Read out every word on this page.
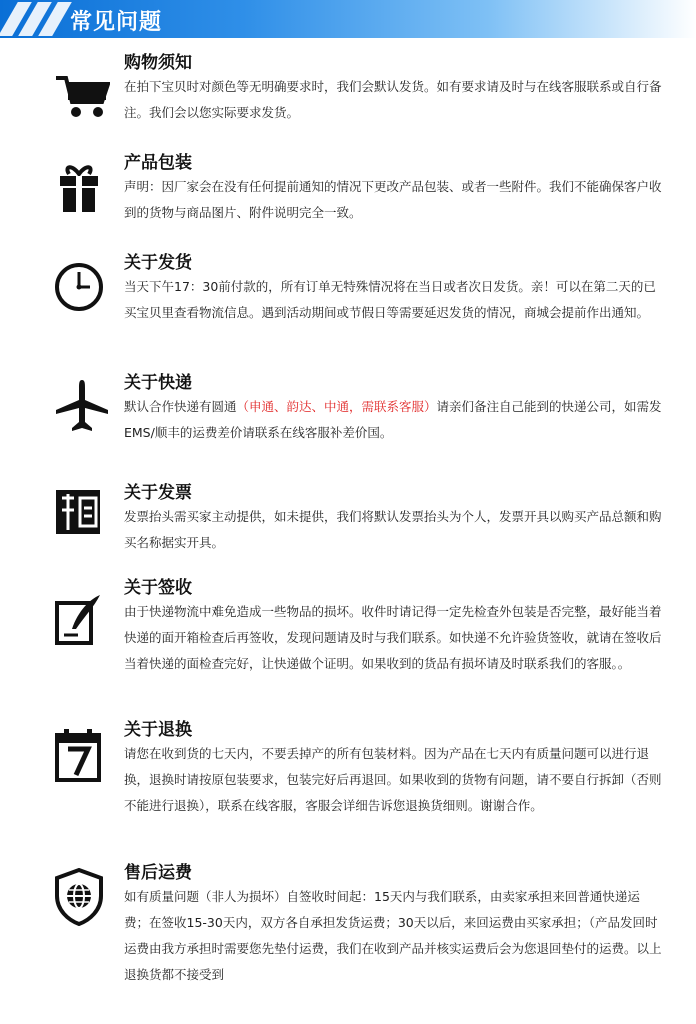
常见问题
购物须知
在拍下宝贝时对颜色等无明确要求时，我们会默认发货。如有要求请及时与在线客服联系或自行备注。我们会以您实际要求发货。
产品包装
声明：因厂家会在没有任何提前通知的情况下更改产品包装、或者一些附件。我们不能确保客户收到的货物与商品图片、附件说明完全一致。
关于发货
当天下午17：30前付款的，所有订单无特殊情况将在当日或者次日发货。亲！可以在第二天的已买宝贝里查看物流信息。遇到活动期间或节假日等需要延迟发货的情况，商城会提前作出通知。
关于快递
默认合作快递有圆通（申通、韵达、中通，需联系客服）请亲们备注自己能到的快递公司，如需发EMS/顺丰的运费差价请联系在线客服补差价国。
关于发票
发票抬头需买家主动提供，如未提供，我们将默认发票抬头为个人，发票开具以购买产品总额和购买名称据实开具。
关于签收
由于快递物流中难免造成一些物品的损坏。收件时请记得一定先检查外包装是否完整，最好能当着快递的面开箱检查后再签收，发现问题请及时与我们联系。如快递不允许验货签收，就请在签收后当着快递的面检查完好，让快递做个证明。如果收到的货品有损坏请及时联系我们的客服。。
关于退换
请您在收到货的七天内，不要丢掉产的所有包装材料。因为产品在七天内有质量问题可以进行退换，退换时请按原包装要求，包装完好后再退回。如果收到的货物有问题，请不要自行拆卸（否则不能进行退换），联系在线客服，客服会详细告诉您退换货细则。谢谢合作。
售后运费
如有质量问题（非人为损坏）自签收时间起：15天内与我们联系，由卖家承担来回普通快递运费；在签收15-30天内，双方各自承担发货运费；30天以后，来回运费由买家承担；（产品发回时运费由我方承担时需要您先垫付运费，我们在收到产品并核实运费后会为您退回垫付的运费。以上退换货都不接受到
